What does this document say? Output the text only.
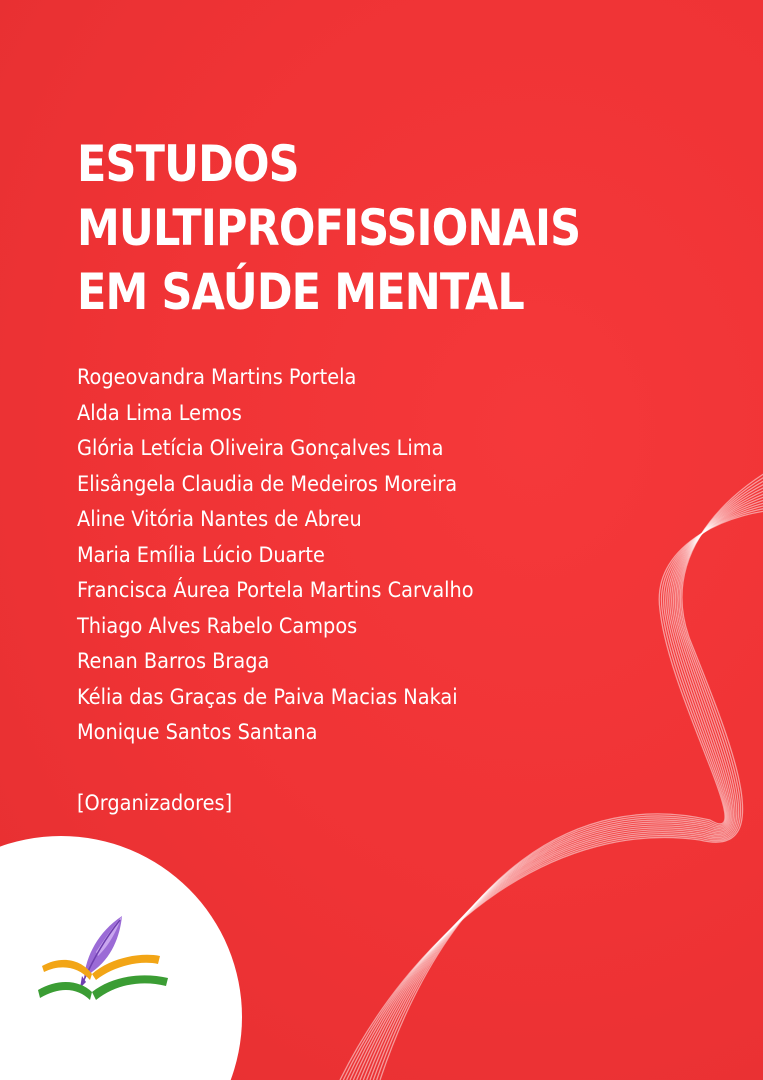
ESTUDOS
MULTIPROFISSIONAIS
EM SAÚDE MENTAL
Rogeovandra Martins Portela
Alda Lima Lemos
Glória Letícia Oliveira Gonçalves Lima
Elisângela Claudia de Medeiros Moreira
Aline Vitória Nantes de Abreu
Maria Emília Lúcio Duarte
Francisca Áurea Portela Martins Carvalho
Thiago Alves Rabelo Campos
Renan Barros Braga
Kélia das Graças de Paiva Macias Nakai
Monique Santos Santana
[Organizadores]
